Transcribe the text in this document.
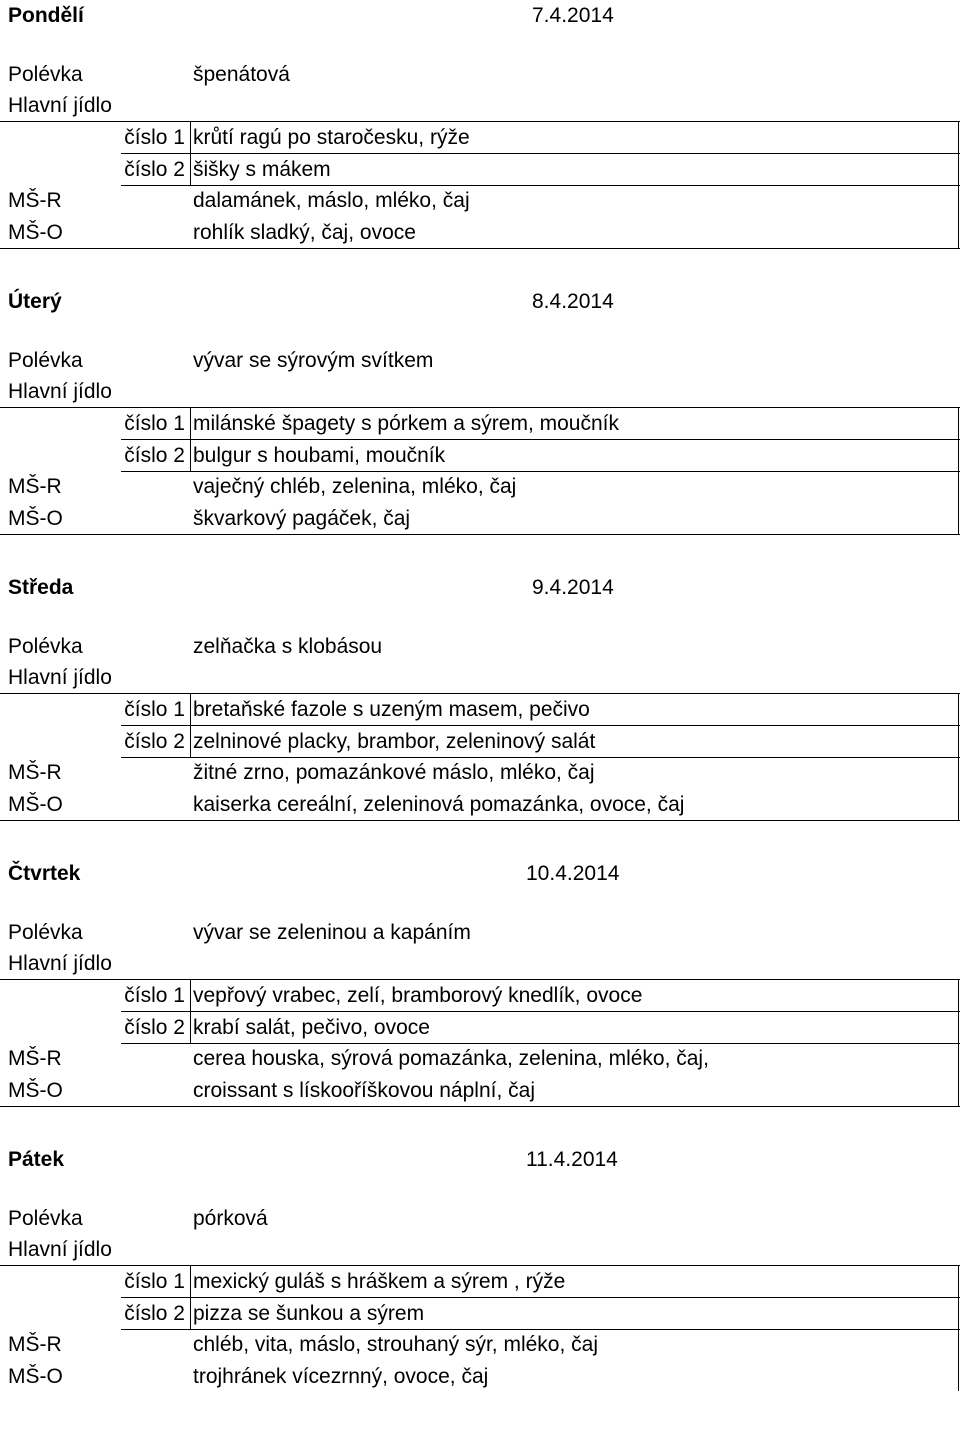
Pondělí	7.4.2014
Polévka	špenátová
Hlavní jídlo
číslo 1 krůtí ragú po staročesku, rýže
číslo 2 šišky s mákem
MŠ-R	dalamánek, máslo, mléko, čaj
MŠ-O	rohlík sladký, čaj, ovoce
Úterý	8.4.2014
Polévka	vývar se sýrovým svítkem
Hlavní jídlo
číslo 1 milánské špagety s pórkem a sýrem, moučník
číslo 2 bulgur s houbami, moučník
MŠ-R	vaječný chléb, zelenina, mléko, čaj
MŠ-O	škvarkový pagáček, čaj
Středa	9.4.2014
Polévka	zelňačka s klobásou
Hlavní jídlo
číslo 1 bretaňské fazole s uzeným masem, pečivo
číslo 2 zelninové placky, brambor, zeleninový salát
MŠ-R	žitné zrno, pomazánkové máslo, mléko, čaj
MŠ-O	kaiserka cereální, zeleninová pomazánka, ovoce, čaj
Čtvrtek	10.4.2014
Polévka	vývar se zeleninou a kapáním
Hlavní jídlo
číslo 1 vepřový vrabec, zelí, bramborový knedlík, ovoce
číslo 2 krabí salát, pečivo, ovoce
MŠ-R	cerea houska, sýrová pomazánka, zelenina, mléko, čaj,
MŠ-O	croissant s lískooříškovou náplní, čaj
Pátek	11.4.2014
Polévka	pórková
Hlavní jídlo
číslo 1 mexický guláš s hráškem a sýrem , rýže
číslo 2 pizza se šunkou a sýrem
MŠ-R	chléb, vita, máslo, strouhaný sýr, mléko, čaj
MŠ-O	trojhránek vícezrnný, ovoce, čaj
